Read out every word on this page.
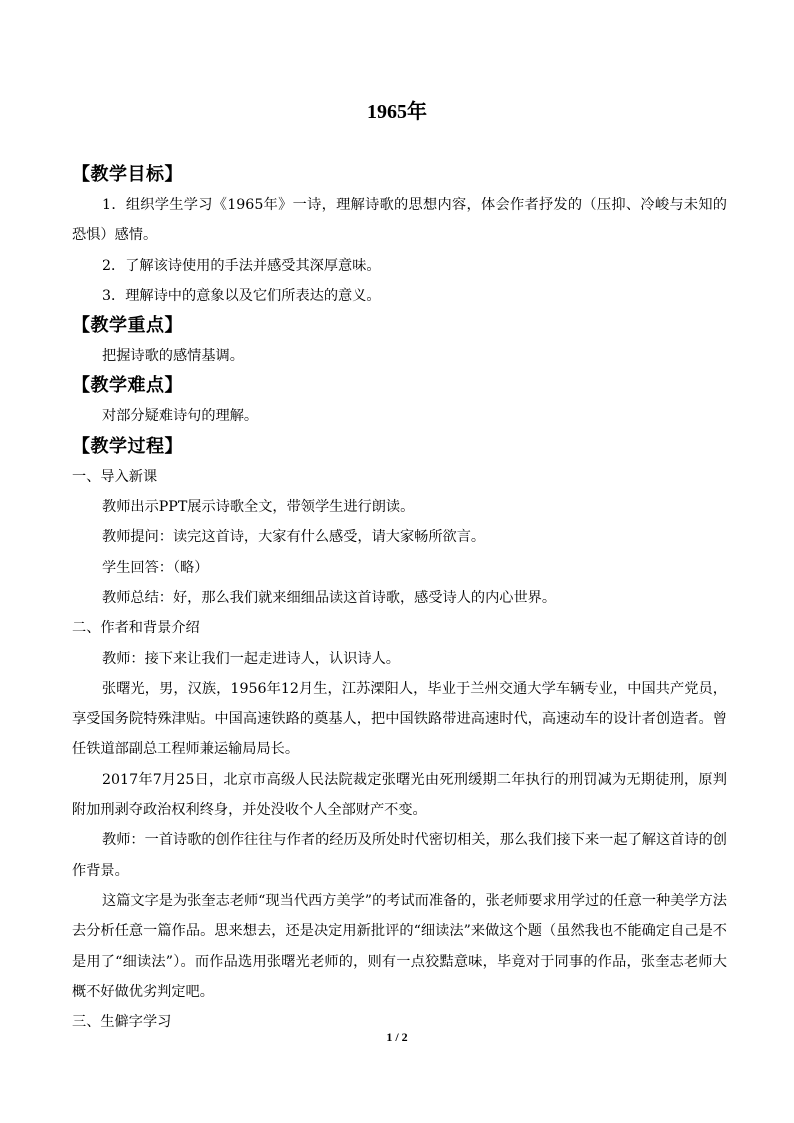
1965年
【教学目标】

1．组织学生学习《1965年》一诗，理解诗歌的思想内容，体会作者抒发的（压抑、冷峻与未知的恐惧）感情。

2．了解该诗使用的手法并感受其深厚意味。

3．理解诗中的意象以及它们所表达的意义。

【教学重点】

把握诗歌的感情基调。

【教学难点】

对部分疑难诗句的理解。

【教学过程】

一、导入新课

教师出示PPT展示诗歌全文，带领学生进行朗读。

教师提问：读完这首诗，大家有什么感受，请大家畅所欲言。

学生回答：（略）

教师总结：好，那么我们就来细细品读这首诗歌，感受诗人的内心世界。

二、作者和背景介绍

教师：接下来让我们一起走进诗人，认识诗人。

张曙光，男，汉族，1956年12月生，江苏溧阳人，毕业于兰州交通大学车辆专业，中国共产党员，享受国务院特殊津贴。中国高速铁路的奠基人，把中国铁路带进高速时代，高速动车的设计者创造者。曾任铁道部副总工程师兼运输局局长。

2017年7月25日，北京市高级人民法院裁定张曙光由死刑缓期二年执行的刑罚减为无期徒刑，原判附加刑剥夺政治权利终身，并处没收个人全部财产不变。

教师：一首诗歌的创作往往与作者的经历及所处时代密切相关，那么我们接下来一起了解这首诗的创作背景。

这篇文字是为张奎志老师“现当代西方美学”的考试而准备的，张老师要求用学过的任意一种美学方法去分析任意一篇作品。思来想去，还是决定用新批评的“细读法”来做这个题（虽然我也不能确定自己是不是用了“细读法”）。而作品选用张曙光老师的，则有一点狡黠意味，毕竟对于同事的作品，张奎志老师大概不好做优劣判定吧。

三、生僻字学习

1 / 2
